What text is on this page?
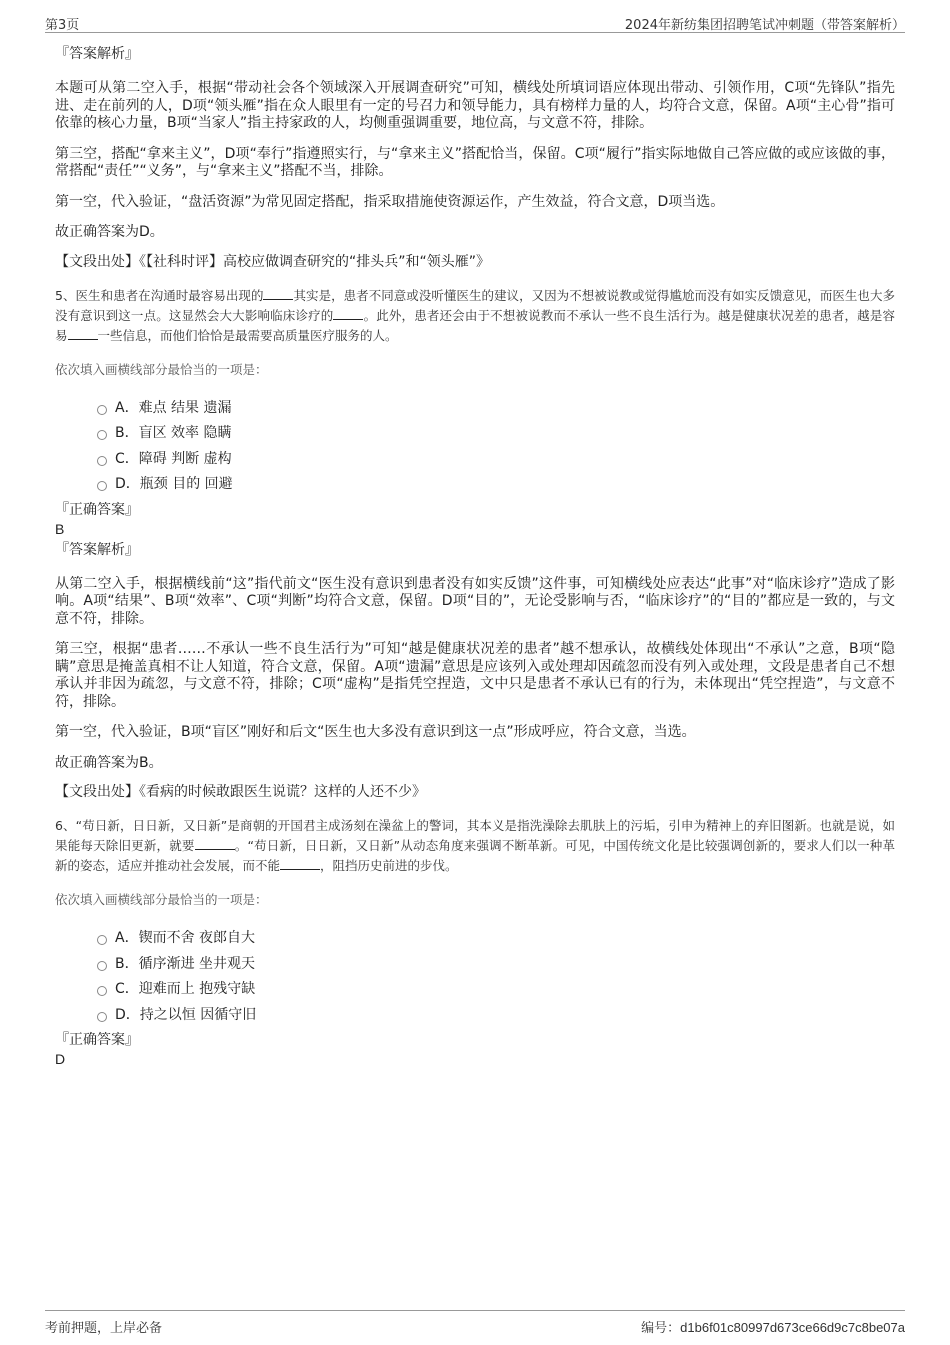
第3页	2024年新纺集团招聘笔试冲刺题（带答案解析）

『答案解析』

本题可从第二空入手，根据“带动社会各个领域深入开展调查研究”可知，横线处所填词语应体现出带动、引领作用，C项“先锋队”指先进、走在前列的人，D项“领头雁”指在众人眼里有一定的号召力和领导能力，具有榜样力量的人，均符合文意，保留。A项“主心骨”指可依靠的核心力量，B项“当家人”指主持家政的人，均侧重强调重要，地位高，与文意不符，排除。

第三空，搭配“拿来主义”，D项“奉行”指遵照实行，与“拿来主义”搭配恰当，保留。C项“履行”指实际地做自己答应做的或应该做的事，常搭配“责任”“义务”，与“拿来主义”搭配不当，排除。

第一空，代入验证，“盘活资源”为常见固定搭配，指采取措施使资源运作，产生效益，符合文意，D项当选。

故正确答案为D。

【文段出处】《【社科时评】高校应做调查研究的“排头兵”和“领头雁”》

5、医生和患者在沟通时最容易出现的 其实是，患者不同意或没听懂医生的建议，又因为不想被说教或觉得尴尬而没有如实反馈意见，而医生也大多没有意识到这一点。这显然会大大影响临床诊疗的 。此外，患者还会由于不想被说教而不承认一些不良生活行为。越是健康状况差的患者，越是容易 一些信息，而他们恰恰是最需要高质量医疗服务的人。

依次填入画横线部分最恰当的一项是：

A．难点 结果 遗漏
B．盲区 效率 隐瞒
C．障碍 判断 虚构
D．瓶颈 目的 回避

『正确答案』

B

『答案解析』

从第二空入手，根据横线前“这”指代前文“医生没有意识到患者没有如实反馈”这件事，可知横线处应表达“此事”对“临床诊疗”造成了影响。A项“结果”、B项“效率”、C项“判断”均符合文意，保留。D项“目的”，无论受影响与否，“临床诊疗”的“目的”都应是一致的，与文意不符，排除。

第三空，根据“患者……不承认一些不良生活行为”可知“越是健康状况差的患者”越不想承认，故横线处体现出“不承认”之意，B项“隐瞒”意思是掩盖真相不让人知道，符合文意，保留。A项“遗漏”意思是应该列入或处理却因疏忽而没有列入或处理，文段是患者自己不想承认并非因为疏忽，与文意不符，排除；C项“虚构”是指凭空捏造，文中只是患者不承认已有的行为，未体现出“凭空捏造”，与文意不符，排除。

第一空，代入验证，B项“盲区”刚好和后文“医生也大多没有意识到这一点”形成呼应，符合文意，当选。

故正确答案为B。

【文段出处】《看病的时候敢跟医生说谎？这样的人还不少》

6、“苟日新，日日新，又日新”是商朝的开国君主成汤刻在澡盆上的警词，其本义是指洗澡除去肌肤上的污垢，引申为精神上的弃旧图新。也就是说，如果能每天除旧更新，就要	。“苟日新，日日新，又日新”从动态角度来强调不断革新。可见，中国传统文化是比较强调创新的，要求人们以一种革新的姿态，适应并推动社会发展，而不能	，阻挡历史前进的步伐。

依次填入画横线部分最恰当的一项是：

A．锲而不舍 夜郎自大
B．循序渐进 坐井观天
C．迎难而上 抱残守缺
D．持之以恒 因循守旧

『正确答案』

D

考前押题，上岸必备	编号：d1b6f01c80997d673ce66d9c7c8be07a
